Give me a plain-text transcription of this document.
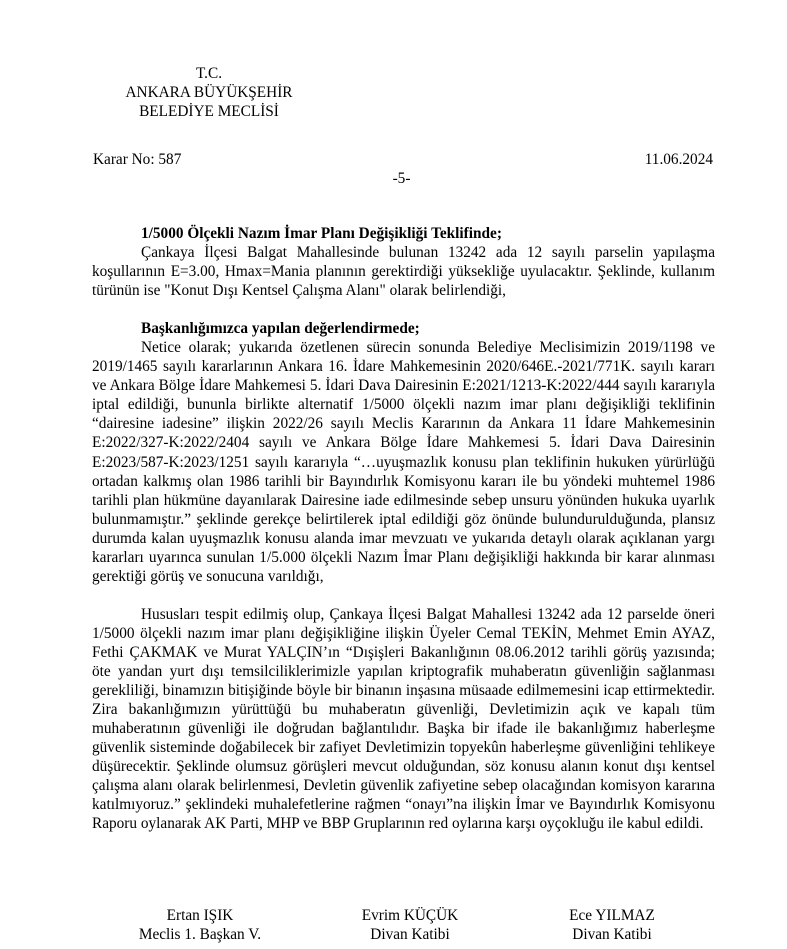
T.C.
ANKARA BÜYÜKŞEHİR
BELEDİYE MECLİSİ
Karar No: 587	11.06.2024
-5-
1/5000 Ölçekli Nazım İmar Planı Değişikliği Teklifinde;

Çankaya İlçesi Balgat Mahallesinde bulunan 13242 ada 12 sayılı parselin yapılaşma koşullarının E=3.00, Hmax=Mania planının gerektirdiği yüksekliğe uyulacaktır. Şeklinde, kullanım türünün ise "Konut Dışı Kentsel Çalışma Alanı" olarak belirlendiği,

Başkanlığımızca yapılan değerlendirmede;

Netice olarak; yukarıda özetlenen sürecin sonunda Belediye Meclisimizin 2019/1198 ve 2019/1465 sayılı kararlarının Ankara 16. İdare Mahkemesinin 2020/646E.-2021/771K. sayılı kararı ve Ankara Bölge İdare Mahkemesi 5. İdari Dava Dairesinin E:2021/1213-K:2022/444 sayılı kararıyla iptal edildiği, bununla birlikte alternatif 1/5000 ölçekli nazım imar planı değişikliği teklifinin “dairesine iadesine” ilişkin 2022/26 sayılı Meclis Kararının da Ankara 11 İdare Mahkemesinin E:2022/327-K:2022/2404 sayılı ve Ankara Bölge İdare Mahkemesi 5. İdari Dava Dairesinin E:2023/587-K:2023/1251 sayılı kararıyla “…uyuşmazlık konusu plan teklifinin hukuken yürürlüğü ortadan kalkmış olan 1986 tarihli bir Bayındırlık Komisyonu kararı ile bu yöndeki muhtemel 1986 tarihli plan hükmüne dayanılarak Dairesine iade edilmesinde sebep unsuru yönünden hukuka uyarlık bulunmamıştır.” şeklinde gerekçe belirtilerek iptal edildiği göz önünde bulundurulduğunda, plansız durumda kalan uyuşmazlık konusu alanda imar mevzuatı ve yukarıda detaylı olarak açıklanan yargı kararları uyarınca sunulan 1/5.000 ölçekli Nazım İmar Planı değişikliği hakkında bir karar alınması gerektiği görüş ve sonucuna varıldığı,

Hususları tespit edilmiş olup, Çankaya İlçesi Balgat Mahallesi 13242 ada 12 parselde öneri 1/5000 ölçekli nazım imar planı değişikliğine ilişkin Üyeler Cemal TEKİN, Mehmet Emin AYAZ, Fethi ÇAKMAK ve Murat YALÇIN’ın “Dışişleri Bakanlığının 08.06.2012 tarihli görüş yazısında; öte yandan yurt dışı temsilciliklerimizle yapılan kriptografik muhaberatın güvenliğin sağlanması gerekliliği, binamızın bitişiğinde böyle bir binanın inşasına müsaade edilmemesini icap ettirmektedir. Zira bakanlığımızın yürüttüğü bu muhaberatın güvenliği, Devletimizin açık ve kapalı tüm muhaberatının güvenliği ile doğrudan bağlantılıdır. Başka bir ifade ile bakanlığımız haberleşme güvenlik sisteminde doğabilecek bir zafiyet Devletimizin topyekûn haberleşme güvenliğini tehlikeye düşürecektir. Şeklinde olumsuz görüşleri mevcut olduğundan, söz konusu alanın konut dışı kentsel çalışma alanı olarak belirlenmesi, Devletin güvenlik zafiyetine sebep olacağından komisyon kararına katılmıyoruz.” şeklindeki muhalefetlerine rağmen “onayı”na ilişkin İmar ve Bayındırlık Komisyonu Raporu oylanarak AK Parti, MHP ve BBP Gruplarının red oylarına karşı oyçokluğu ile kabul edildi.

Ertan IŞIK
Meclis 1. Başkan V.
Evrim KÜÇÜK
Divan Katibi
Ece YILMAZ
Divan Katibi
